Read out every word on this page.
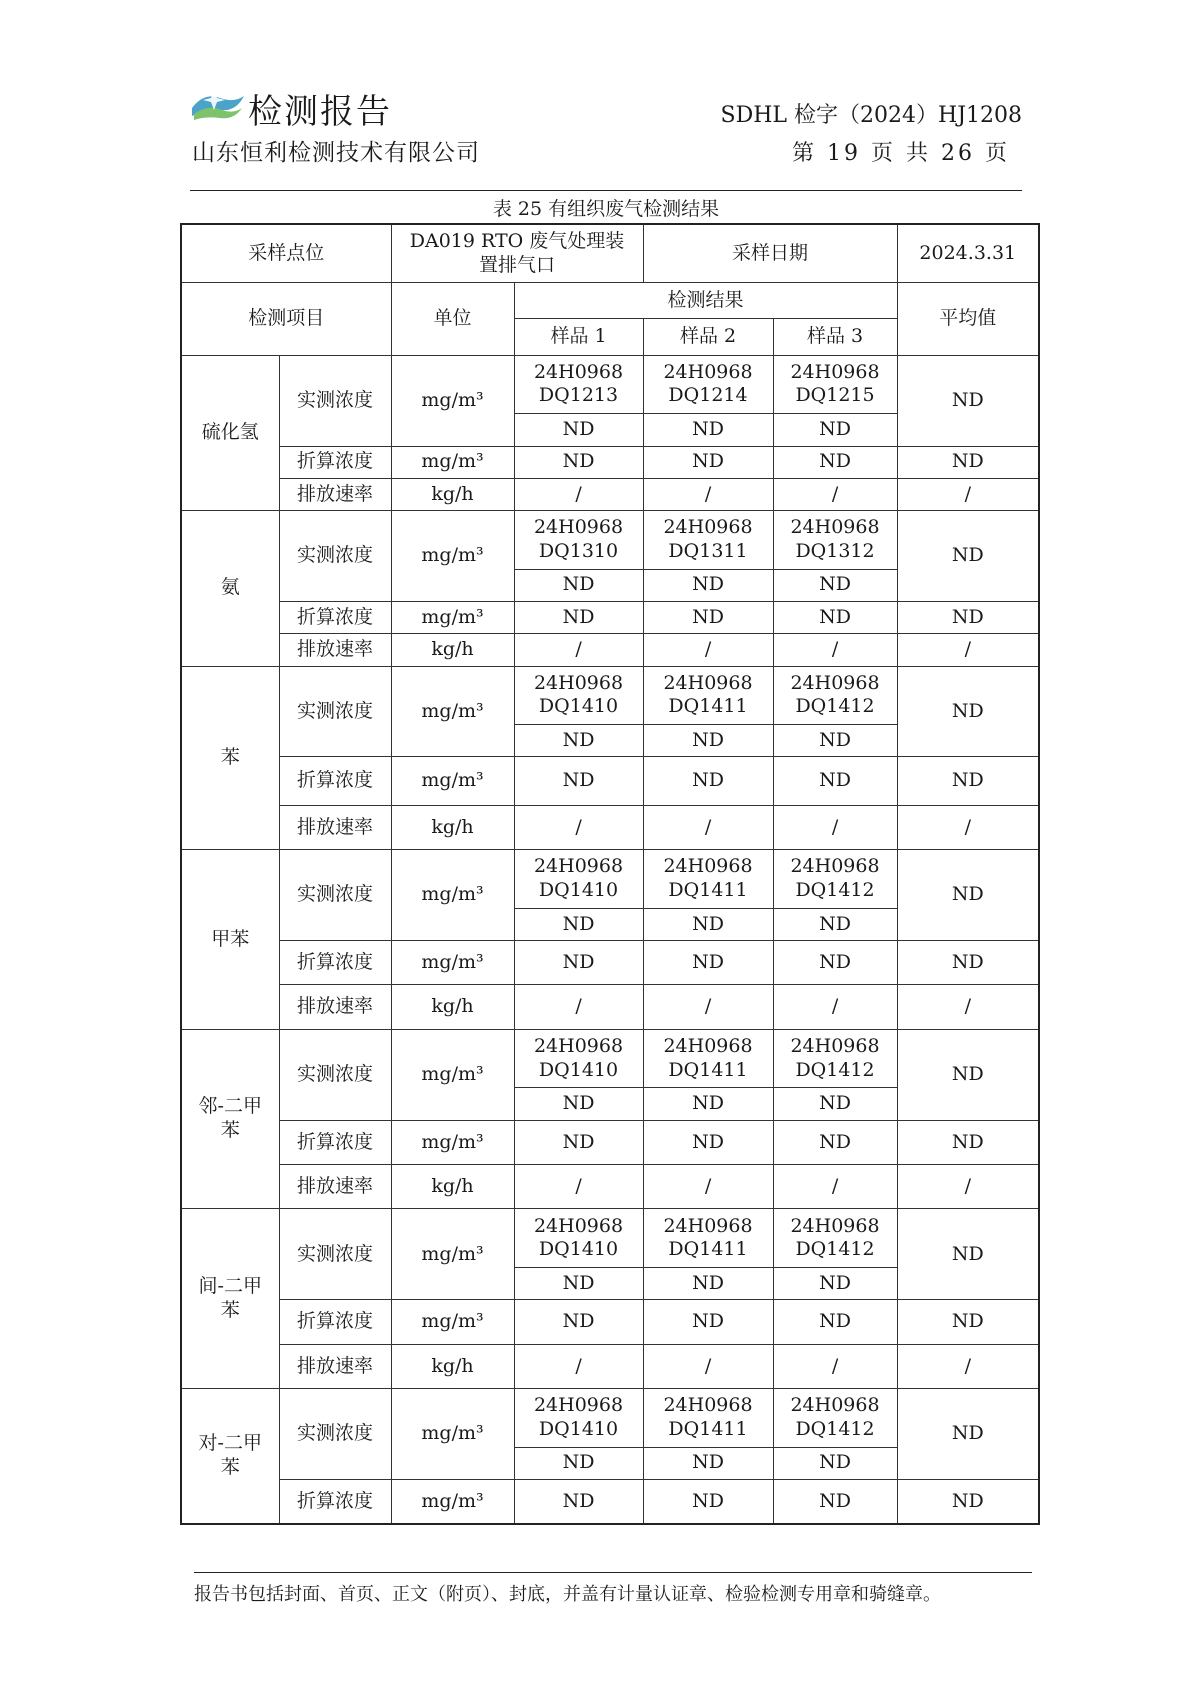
检测报告
山东恒利检测技术有限公司
SDHL 检字（2024）HJ1208
第 19 页 共 26 页
表 25 有组织废气检测结果
采样点位		DA019 RTO 废气处理装置排气口		采样日期		2024.3.31
检测项目		单位	检测结果			平均值
			样品 1	样品 2	样品 3	
硫化氢	实测浓度	mg/m³	24H0968 DQ1213	24H0968 DQ1214	24H0968 DQ1215	ND
			ND	ND	ND	
	折算浓度	mg/m³	ND	ND	ND	ND
	排放速率	kg/h	/	/	/	/
氨	实测浓度	mg/m³	24H0968 DQ1310	24H0968 DQ1311	24H0968 DQ1312	ND
			ND	ND	ND	
	折算浓度	mg/m³	ND	ND	ND	ND
	排放速率	kg/h	/	/	/	/
苯	实测浓度	mg/m³	24H0968 DQ1410	24H0968 DQ1411	24H0968 DQ1412	ND
			ND	ND	ND	
	折算浓度	mg/m³	ND	ND	ND	ND
	排放速率	kg/h	/	/	/	/
甲苯	实测浓度	mg/m³	24H0968 DQ1410	24H0968 DQ1411	24H0968 DQ1412	ND
			ND	ND	ND	
	折算浓度	mg/m³	ND	ND	ND	ND
	排放速率	kg/h	/	/	/	/
邻-二甲苯	实测浓度	mg/m³	24H0968 DQ1410	24H0968 DQ1411	24H0968 DQ1412	ND
			ND	ND	ND	
	折算浓度	mg/m³	ND	ND	ND	ND
	排放速率	kg/h	/	/	/	/
间-二甲苯	实测浓度	mg/m³	24H0968 DQ1410	24H0968 DQ1411	24H0968 DQ1412	ND
			ND	ND	ND	
	折算浓度	mg/m³	ND	ND	ND	ND
	排放速率	kg/h	/	/	/	/
对-二甲苯	实测浓度	mg/m³	24H0968 DQ1410	24H0968 DQ1411	24H0968 DQ1412	ND
			ND	ND	ND	
	折算浓度	mg/m³	ND	ND	ND	ND
报告书包括封面、首页、正文（附页）、封底，并盖有计量认证章、检验检测专用章和骑缝章。
